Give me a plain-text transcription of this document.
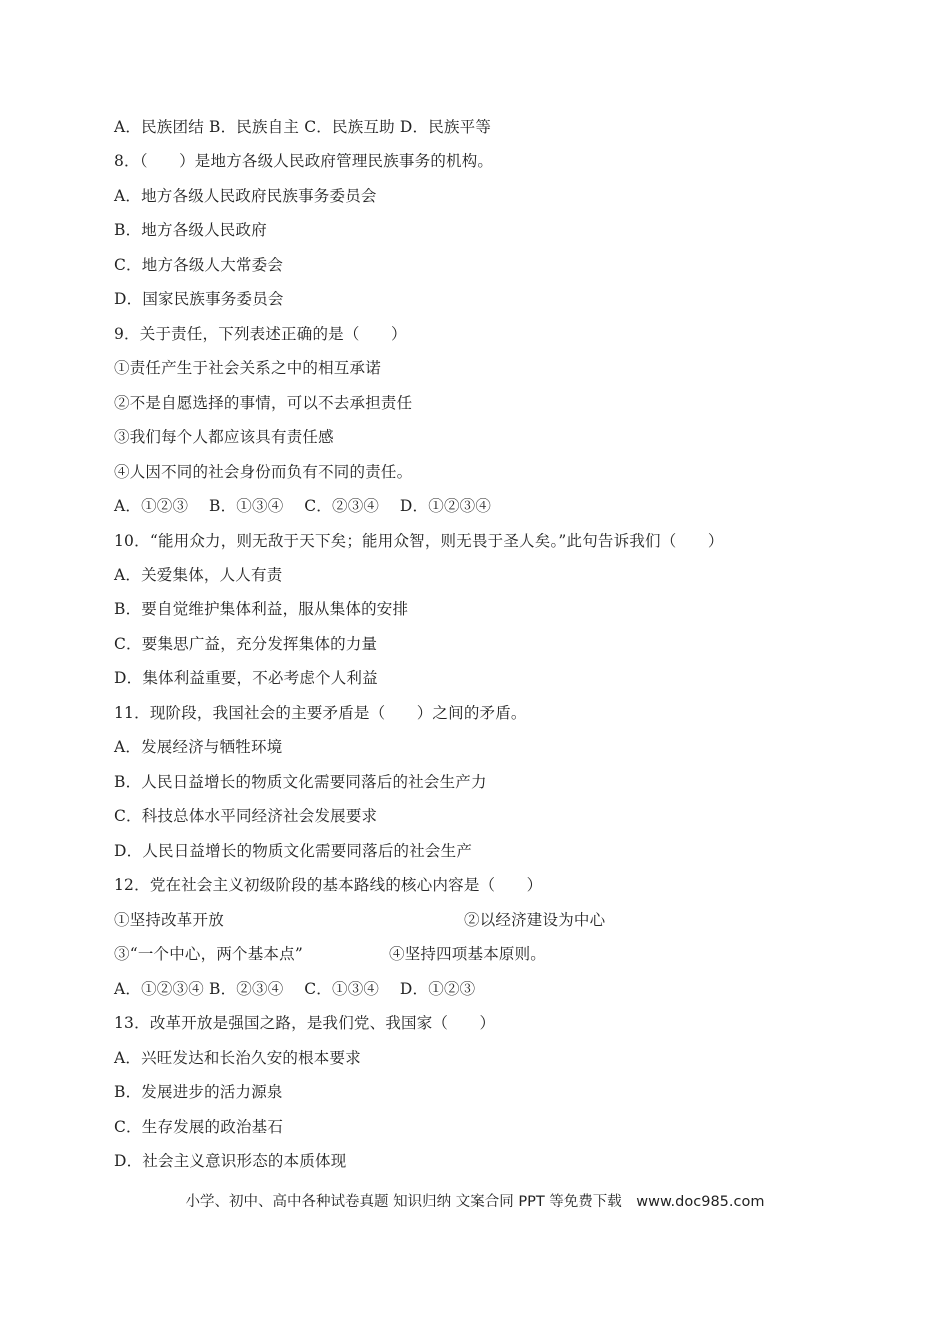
A．民族团结 B．民族自主 C．民族互助 D．民族平等
8．（　　）是地方各级人民政府管理民族事务的机构。
A．地方各级人民政府民族事务委员会
B．地方各级人民政府
C．地方各级人大常委会
D．国家民族事务委员会
9．关于责任，下列表述正确的是（　　）
①责任产生于社会关系之中的相互承诺
②不是自愿选择的事情，可以不去承担责任
③我们每个人都应该具有责任感
④人因不同的社会身份而负有不同的责任。
A．①②③　 B．①③④　 C．②③④　 D．①②③④
10．“能用众力，则无敌于天下矣；能用众智，则无畏于圣人矣。”此句告诉我们（　　）
A．关爱集体，人人有责
B．要自觉维护集体利益，服从集体的安排
C．要集思广益，充分发挥集体的力量
D．集体利益重要，不必考虑个人利益
11．现阶段，我国社会的主要矛盾是（　　）之间的矛盾。
A．发展经济与牺牲环境
B．人民日益增长的物质文化需要同落后的社会生产力
C．科技总体水平同经济社会发展要求
D．人民日益增长的物质文化需要同落后的社会生产
12．党在社会主义初级阶段的基本路线的核心内容是（　　）

①坚持改革开放

	②以经济建设为中心

③“一个中心，两个基本点”

	④坚持四项基本原则。

A．①②③④ B．②③④　 C．①③④　 D．①②③
13．改革开放是强国之路，是我们党、我国家（　　）
A．兴旺发达和长治久安的根本要求
B．发展进步的活力源泉
C．生存发展的政治基石
D．社会主义意识形态的本质体现
小学、初中、高中各种试卷真题 知识归纳 文案合同 PPT 等免费下载　www.doc985.com
